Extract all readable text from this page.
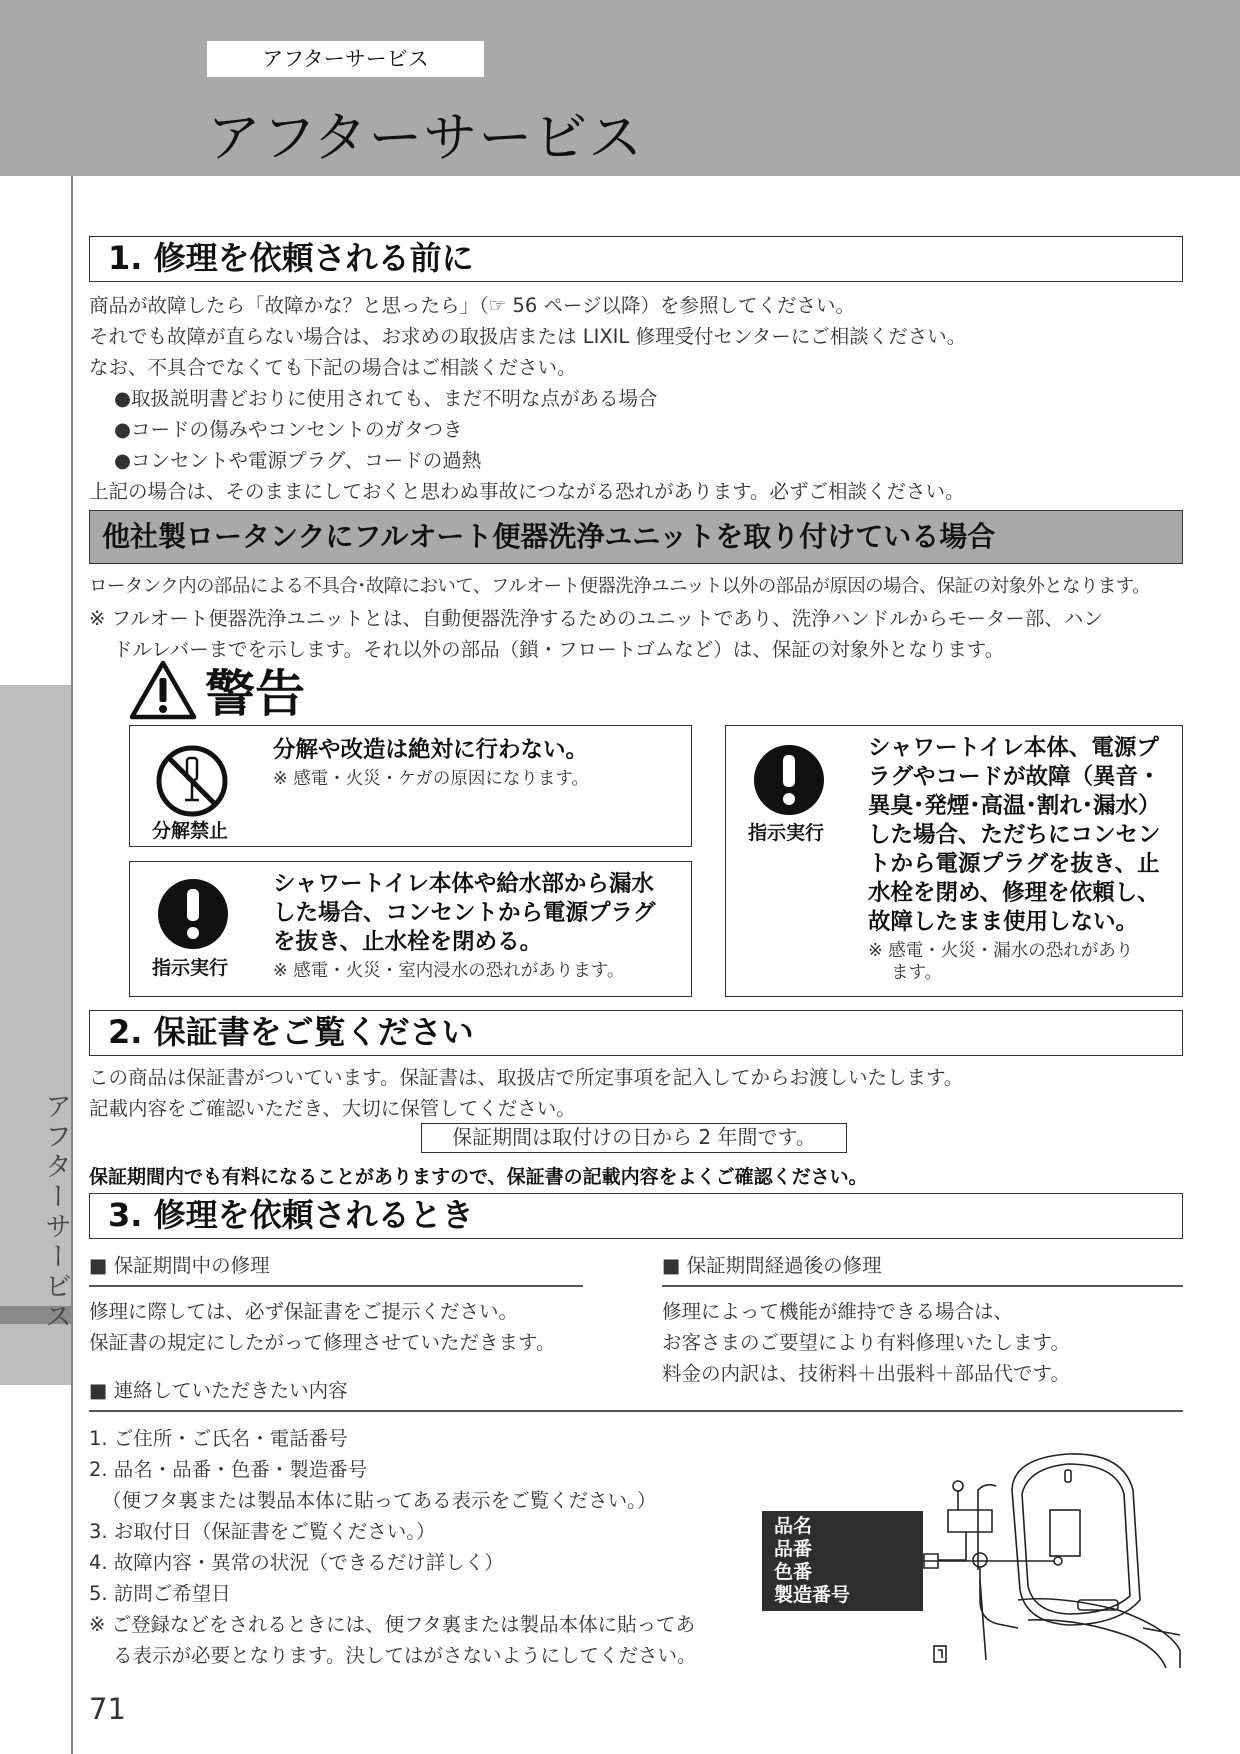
アフターサービス
アフターサービス
アフターサービス
1. 修理を依頼される前に
商品が故障したら「故障かな？と思ったら」（☞ 56 ページ以降）を参照してください。
それでも故障が直らない場合は、お求めの取扱店または LIXIL 修理受付センターにご相談ください。
なお、不具合でなくても下記の場合はご相談ください。
●取扱説明書どおりに使用されても、まだ不明な点がある場合
●コードの傷みやコンセントのガタつき
●コンセントや電源プラグ、コードの過熱
上記の場合は、そのままにしておくと思わぬ事故につながる恐れがあります。必ずご相談ください。
他社製ロータンクにフルオート便器洗浄ユニットを取り付けている場合
ロータンク内の部品による不具合･故障において、フルオート便器洗浄ユニット以外の部品が原因の場合、保証の対象外となります。
※ フルオート便器洗浄ユニットとは、自動便器洗浄するためのユニットであり、洗浄ハンドルからモーター部、ハン
ドルレバーまでを示します。それ以外の部品（鎖・フロートゴムなど）は、保証の対象外となります。
警告
分解禁止
分解や改造は絶対に行わない。
※ 感電・火災・ケガの原因になります。
指示実行
シャワートイレ本体や給水部から漏水
した場合、コンセントから電源プラグ
を抜き、止水栓を閉める。
※ 感電・火災・室内浸水の恐れがあります。
指示実行
シャワートイレ本体、電源プ
ラグやコードが故障（異音・
異臭･発煙･高温･割れ･漏水）
した場合、ただちにコンセン
トから電源プラグを抜き、止
水栓を閉め、修理を依頼し、
故障したまま使用しない。
※ 感電・火災・漏水の恐れがあり
ます。
2. 保証書をご覧ください
この商品は保証書がついています。保証書は、取扱店で所定事項を記入してからお渡しいたします。
記載内容をご確認いただき、大切に保管してください。
保証期間は取付けの日から 2 年間です。
保証期間内でも有料になることがありますので、保証書の記載内容をよくご確認ください。
3. 修理を依頼されるとき
■ 保証期間中の修理
修理に際しては、必ず保証書をご提示ください。
保証書の規定にしたがって修理させていただきます。
■ 保証期間経過後の修理
修理によって機能が維持できる場合は、
お客さまのご要望により有料修理いたします。
料金の内訳は、技術料＋出張料＋部品代です。
■ 連絡していただきたい内容
1. ご住所・ご氏名・電話番号
2. 品名・品番・色番・製造番号
（便フタ裏または製品本体に貼ってある表示をご覧ください。）
3. お取付日（保証書をご覧ください。）
4. 故障内容・異常の状況（できるだけ詳しく）
5. 訪問ご希望日
※ ご登録などをされるときには、便フタ裏または製品本体に貼ってあ
る表示が必要となります。決してはがさないようにしてください。
品名
品番
色番
製造番号
71
